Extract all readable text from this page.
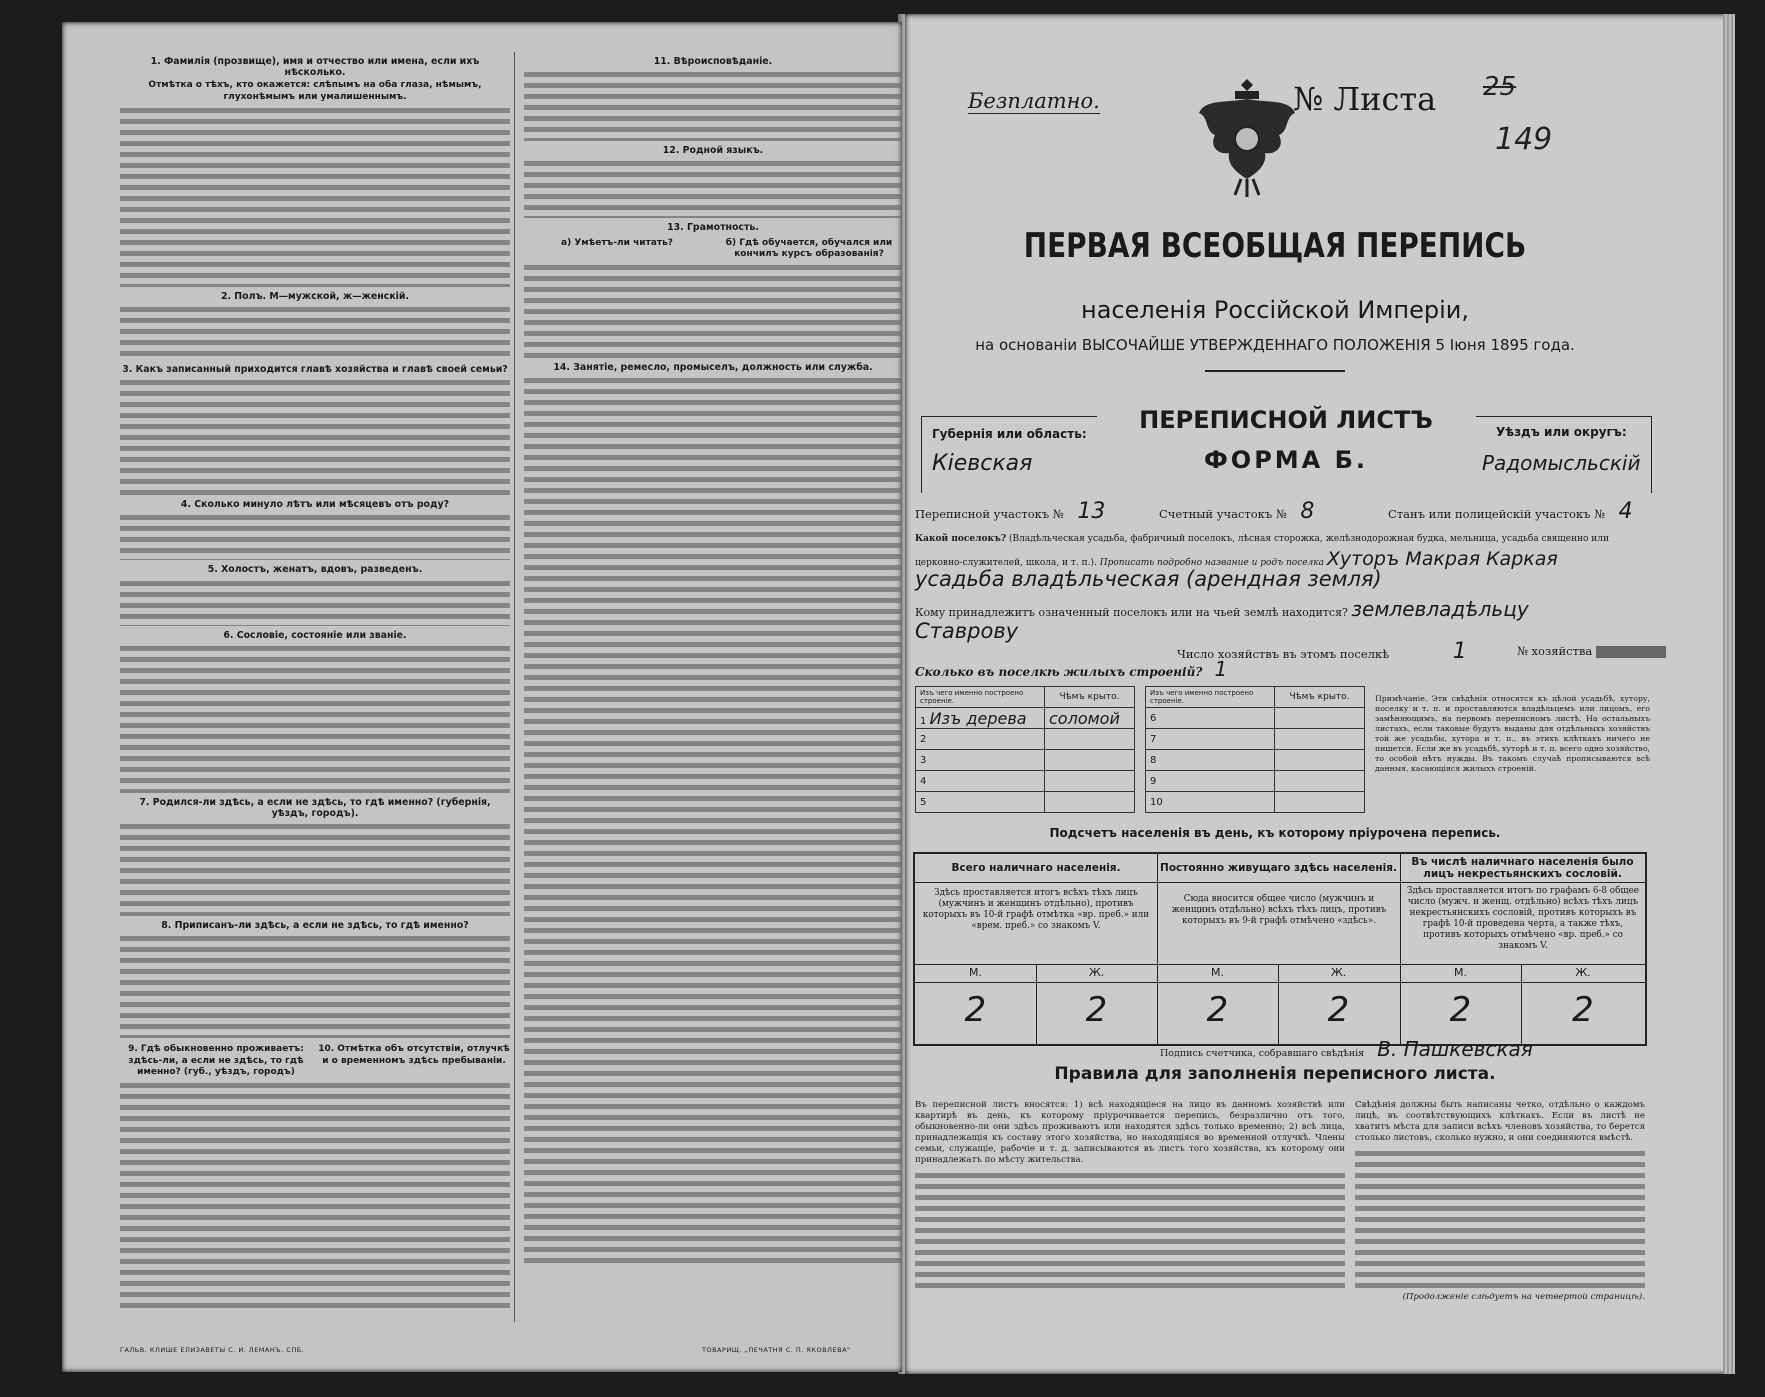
1. Фамилія (прозвище), имя и отчество или имена, если ихъ нѣсколько.
Отмѣтка о тѣхъ, кто окажется: слѣпымъ на оба глаза, нѣмымъ, глухонѣмымъ или умалишеннымъ.
2. Полъ. М—мужской, ж—женскій.
3. Какъ записанный приходится главѣ хозяйства и главѣ своей семьи?
4. Сколько минуло лѣтъ или мѣсяцевъ отъ роду?
5. Холостъ, женатъ, вдовъ, разведенъ.
6. Сословіе, состояніе или званіе.
7. Родился-ли здѣсь, а если не здѣсь, то гдѣ именно? (губернія, уѣздъ, городъ).
8. Приписанъ-ли здѣсь, а если не здѣсь, то гдѣ именно?
9. Гдѣ обыкновенно проживаетъ: здѣсь-ли, а если не здѣсь, то гдѣ именно? (губ., уѣздъ, городъ)
10. Отмѣтка объ отсутствіи, отлучкѣ и о временномъ здѣсь пребываніи.
11. Вѣроисповѣданіе.
12. Родной языкъ.
13. Грамотность.
а) Умѣетъ-ли читать?	б) Гдѣ обучается, обучался или кончилъ курсъ образованія?
14. Занятіе, ремесло, промыселъ, должность или служба.
ГАЛЬВ. КЛИШЕ ЕЛИЗАВЕТЫ С. И. ЛЕМАНЪ, СПБ.	ТОВАРИЩ. „ПЕЧАТНЯ С. П. ЯКОВЛЕВА"
Безплатно.	№ Листа 25
149
ПЕРВАЯ ВСЕОБЩАЯ ПЕРЕПИСЬ
населенія Россійской Имперіи,
на основаніи ВЫСОЧАЙШЕ УТВЕРЖДЕННАГО ПОЛОЖЕНІЯ 5 Іюня 1895 года.
Губернія или область:
Кіевская
ПЕРЕПИСНОЙ ЛИСТЪ
ФОРМА Б.
Уѣздъ или округъ:
Радомысльскій
Переписной участокъ № 13	Счетный участокъ № 8	Станъ или полицейскій участокъ № 4
Какой поселокъ? (Владѣльческая усадьба, фабричный поселокъ, лѣсная сторожка, желѣзнодорожная будка, мельница, усадьба священно или
церковно-служителей, школа, и т. п.). Прописать подробно название и родъ поселка Хуторъ Макрая Каркая
усадьба владѣльческая (арендная земля)
Кому принадлежитъ означенный поселокъ или на чьей землѣ находится? землевладѣльцу
Ставрову
Число хозяйствъ въ этомъ поселкѣ	1	№ хозяйства
Сколько въ поселкѣ жилыхъ строеній? 1
Изъ чего именно построено строеніе.	Чѣмъ крыто.
1 Изъ дерева	соломой
2	
3	
4	
5	
Изъ чего именно построено строеніе.	Чѣмъ крыто.
6	
7	
8	
9	
10	
Примѣчаніе. Эти свѣдѣнія относятся къ цѣлой усадьбѣ, хутору, поселку и т. п. и проставляются владѣльцемъ или лицомъ, его замѣняющимъ, на первомъ переписномъ листѣ. На остальныхъ листахъ, если таковые будутъ выданы для отдѣльныхъ хозяйствъ той же усадьбы, хутора и т. п., въ этихъ клѣткахъ ничего не пишется. Если же въ усадьбѣ, хуторѣ и т. п. всего одно хозяйство, то особой нѣтъ нужды. Въ такомъ случаѣ прописываются всѣ данныя, касающіяся жилыхъ строеній.
Подсчетъ населенія въ день, къ которому пріурочена перепись.
Всего наличнаго населенія.	Постоянно живущаго здѣсь населенія.	Въ числѣ наличнаго населенія было лицъ некрестьянскихъ сословій.
Здѣсь проставляется итогъ всѣхъ тѣхъ лицъ (мужчинъ и женщинъ отдѣльно), противъ которыхъ въ 10-й графѣ отмѣтка «вр. преб.» или «врем. преб.» со знакомъ V.
Сюда вносится общее число (мужчинъ и женщинъ отдѣльно) всѣхъ тѣхъ лицъ, противъ которыхъ въ 9-й графѣ отмѣчено «здѣсь».
Здѣсь проставляется итогъ по графамъ 6-8 общее число (мужч. и женщ. отдѣльно) всѣхъ тѣхъ лицъ некрестьянскихъ сословій, противъ которыхъ въ графѣ 10-й проведена черта, а также тѣхъ, противъ которыхъ отмѣчено «вр. преб.» со знакомъ V.
М.	Ж.	М.	Ж.	М.	Ж.
2	2	2	2	2	2
Подпись счетчика, собравшаго свѣдѣнія В. Пашкевская
Правила для заполненія переписного листа.
Въ переписной листъ вносятся: 1) всѣ находящіеся на лицо въ данномъ хозяйствѣ или квартирѣ въ день, къ которому пріурочивается перепись, безразлично отъ того, обыкновенно-ли они здѣсь проживаютъ или находятся здѣсь только временно; 2) всѣ лица, принадлежащія къ составу этого хозяйства, но находящіяся во временной отлучкѣ. Члены семьи, служащіе, рабочіе и т. д. записываются въ листъ того хозяйства, къ которому они принадлежатъ по мѣсту жительства.
Свѣдѣнія должны быть написаны четко, отдѣльно о каждомъ лицѣ, въ соотвѣтствующихъ клѣткахъ. Если въ листѣ не хватитъ мѣста для записи всѣхъ членовъ хозяйства, то берется столько листовъ, сколько нужно, и они соединяются вмѣстѣ.
(Продолженіе слѣдуетъ на четвертой страницѣ).
